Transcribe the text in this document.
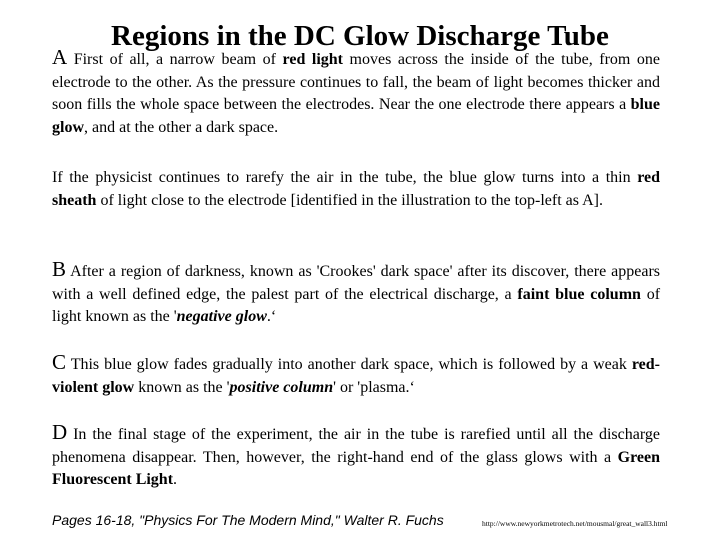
Regions in the DC Glow Discharge Tube

A First of all, a narrow beam of red light moves across the inside of the tube, from one electrode to the other. As the pressure continues to fall, the beam of light becomes thicker and soon fills the whole space between the electrodes. Near the one electrode there appears a blue glow, and at the other a dark space.

If the physicist continues to rarefy the air in the tube, the blue glow turns into a thin red sheath of light close to the electrode [identified in the illustration to the top-left as A].

B After a region of darkness, known as 'Crookes' dark space' after its discover, there appears with a well defined edge, the palest part of the electrical discharge, a faint blue column of light known as the 'negative glow.‘

C This blue glow fades gradually into another dark space, which is followed by a weak red-violent glow known as the 'positive column' or 'plasma.‘

D In the final stage of the experiment, the air in the tube is rarefied until all the discharge phenomena disappear. Then, however, the right-hand end of the glass glows with a Green Fluorescent Light.

Pages 16-18, "Physics For The Modern Mind," Walter R. Fuchs	http://www.newyorkmetrotech.net/mousmal/great_wall3.html
